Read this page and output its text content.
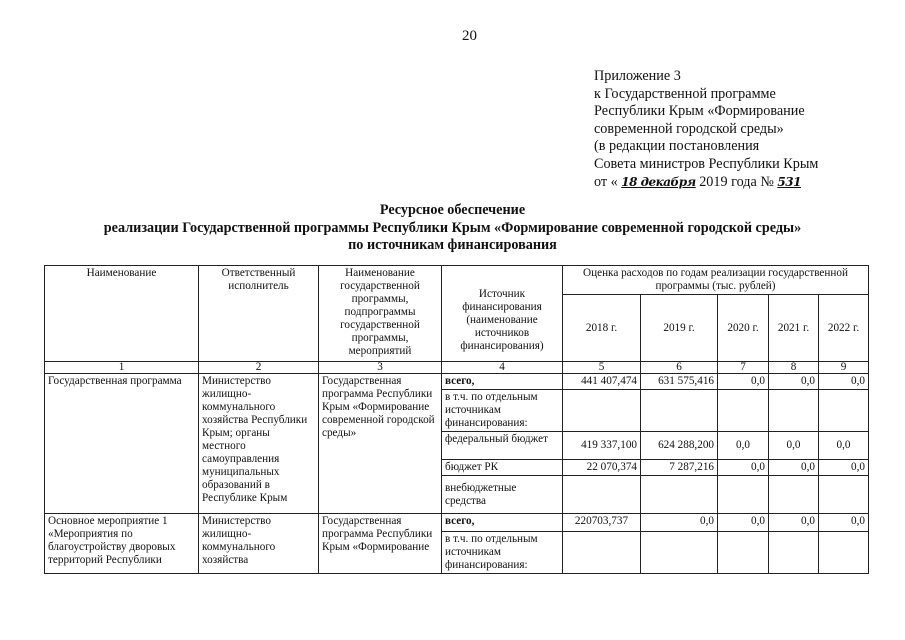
20
Приложение 3
к Государственной программе
Республики Крым «Формирование
современной городской среды»
(в редакции постановления
Совета министров Республики Крым
от « 18 декабря 2019 года № 531
Ресурсное обеспечение
реализации Государственной программы Республики Крым «Формирование современной городской среды»
по источникам финансирования
Наименование	Ответственный исполнитель	Наименование государственной программы, подпрограммы государственной программы, мероприятий	Источник финансирования (наименование источников финансирования)	Оценка расходов по годам реализации государственной программы (тыс. рублей)				
				2018 г.	2019 г.	2020 г.	2021 г.	2022 г.
1	2	3	4	5	6	7	8	9
Государственная программа	Министерство жилищно-коммунального хозяйства Республики Крым; органы местного самоуправления муниципальных образований в Республике Крым	Государственная программа Республики Крым «Формирование современной городской среды»	всего,	441 407,474	631 575,416	0,0	0,0	0,0
			в т.ч. по отдельным источникам финансирования:					
			федеральный бюджет	419 337,100	624 288,200	0,0	0,0	0,0
			бюджет РК	22 070,374	7 287,216	0,0	0,0	0,0
			внебюджетные средства					
Основное мероприятие 1 «Мероприятия по благоустройству дворовых территорий Республики	Министерство жилищно-коммунального хозяйства	Государственная программа Республики Крым «Формирование	всего,	220703,737	0,0	0,0	0,0	0,0
			в т.ч. по отдельным источникам финансирования:					
